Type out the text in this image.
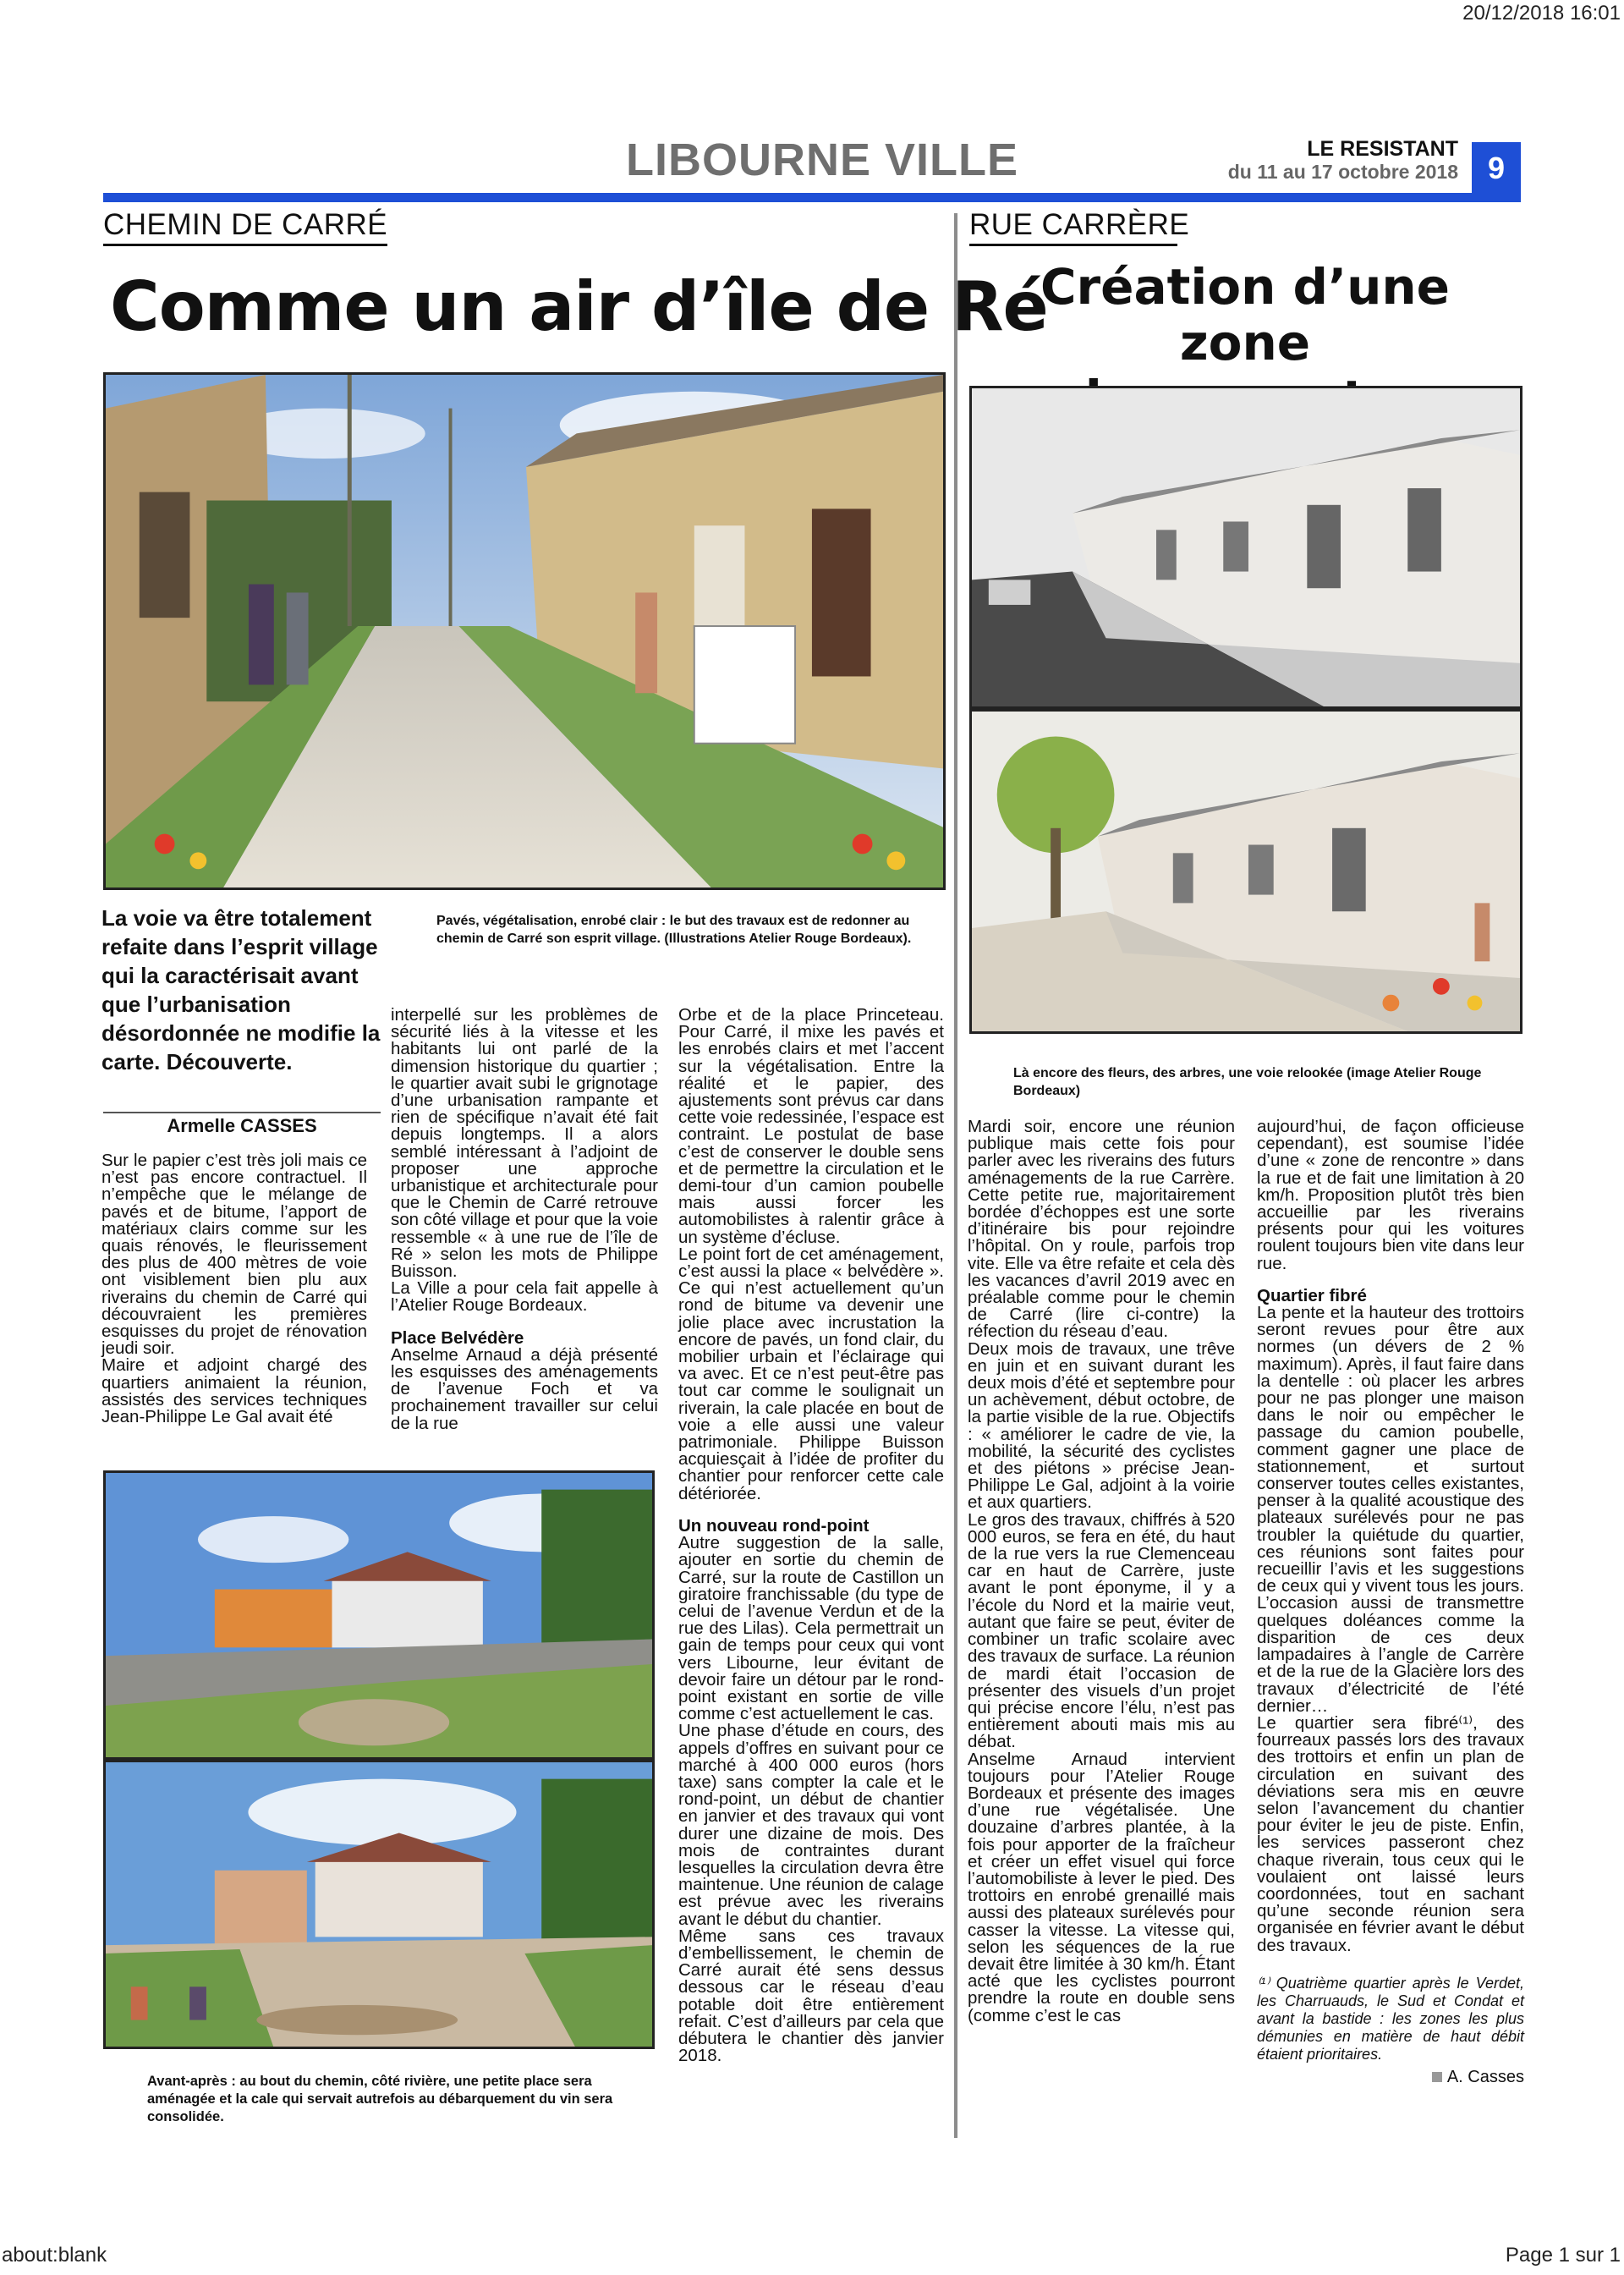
20/12/2018 16:01
about:blank	Page 1 sur 1
LIBOURNE VILLE	LE RESISTANT
du 11 au 17 octobre 2018 9
CHEMIN DE CARRÉ
Comme un air d’île de Ré
La voie va être totalement refaite dans l’esprit village qui la caractérisait avant que l’urbanisation désordonnée ne modifie la carte. Découverte.
Pavés, végétalisation, enrobé clair : le but des travaux est de redonner au chemin de Carré son esprit village. (Illustrations Atelier Rouge Bordeaux).
Armelle CASSES

Sur le papier c’est très joli mais ce n’est pas encore contractuel. Il n’empêche que le mélange de pavés et de bitume, l’apport de matériaux clairs comme sur les quais rénovés, le fleurissement des plus de 400 mètres de voie ont visiblement bien plu aux riverains du chemin de Carré qui découvraient les premières esquisses du projet de rénovation jeudi soir.

Maire et adjoint chargé des quartiers animaient la réunion, assistés des services techniques Jean-Philippe Le Gal avait été

interpellé sur les problèmes de sécurité liés à la vitesse et les habitants lui ont parlé de la dimension historique du quartier ; le quartier avait subi le grignotage d’une urbanisation rampante et rien de spécifique n’avait été fait depuis longtemps. Il a alors semblé intéressant à l’adjoint de proposer une approche urbanistique et architecturale pour que le Chemin de Carré retrouve son côté village et pour que la voie ressemble « à une rue de l’île de Ré » selon les mots de Philippe Buisson.

La Ville a pour cela fait appelle à l’Atelier Rouge Bordeaux.

Place Belvédère

Anselme Arnaud a déjà présenté les esquisses des aménagements de l’avenue Foch et va prochainement travailler sur celui de la rue

Orbe et de la place Princeteau. Pour Carré, il mixe les pavés et les enrobés clairs et met l’accent sur la végétalisation. Entre la réalité et le papier, des ajustements sont prévus car dans cette voie redessinée, l’espace est contraint. Le postulat de base c’est de conserver le double sens et de permettre la circulation et le demi-tour d’un camion poubelle mais aussi forcer les automobilistes à ralentir grâce à un système d’écluse.

Le point fort de cet aménagement, c’est aussi la place « belvédère ». Ce qui n’est actuellement qu’un rond de bitume va devenir une jolie place avec incrustation la encore de pavés, un fond clair, du mobilier urbain et l’éclairage qui va avec. Et ce n’est peut-être pas tout car comme le soulignait un riverain, la cale placée en bout de voie a elle aussi une valeur patrimoniale. Philippe Buisson acquiesçait à l’idée de profiter du chantier pour renforcer cette cale détériorée.

Un nouveau rond-point

Autre suggestion de la salle, ajouter en sortie du chemin de Carré, sur la route de Castillon un giratoire franchissable (du type de celui de l’avenue Verdun et de la rue des Lilas). Cela permettrait un gain de temps pour ceux qui vont vers Libourne, leur évitant de devoir faire un détour par le rond-point existant en sortie de ville comme c’est actuellement le cas.

Une phase d’étude en cours, des appels d’offres en suivant pour ce marché à 400 000 euros (hors taxe) sans compter la cale et le rond-point, un début de chantier en janvier et des travaux qui vont durer une dizaine de mois. Des mois de contraintes durant lesquelles la circulation devra être maintenue. Une réunion de calage est prévue avec les riverains avant le début du chantier.

Même sans ces travaux d’embellissement, le chemin de Carré aurait été sens dessus dessous car le réseau d’eau potable doit être entièrement refait. C’est d’ailleurs par cela que débutera le chantier dès janvier 2018.

Avant-après : au bout du chemin, côté rivière, une petite place sera aménagée et la cale qui servait autrefois au débarquement du vin sera consolidée.
RUE CARRÈRE
Création d’une zone
Là encore des fleurs, des arbres, une voie relookée (image Atelier Rouge Bordeaux)

Mardi soir, encore une réunion publique mais cette fois pour parler avec les riverains des futurs aménagements de la rue Carrère. Cette petite rue, majoritairement bordée d’échoppes est une sorte d’itinéraire bis pour rejoindre l’hôpital. On y roule, parfois trop vite. Elle va être refaite et cela dès les vacances d’avril 2019 avec en préalable comme pour le chemin de Carré (lire ci-contre) la réfection du réseau d’eau.

Deux mois de travaux, une trêve en juin et en suivant durant les deux mois d’été et septembre pour un achèvement, début octobre, de la partie visible de la rue. Objectifs : « améliorer le cadre de vie, la mobilité, la sécurité des cyclistes et des piétons » précise Jean-Philippe Le Gal, adjoint à la voirie et aux quartiers.

Le gros des travaux, chiffrés à 520 000 euros, se fera en été, du haut de la rue vers la rue Clemenceau car en haut de Carrère, juste avant le pont éponyme, il y a l’école du Nord et la mairie veut, autant que faire se peut, éviter de combiner un trafic scolaire avec des travaux de surface. La réunion de mardi était l’occasion de présenter des visuels d’un projet qui précise encore l’élu, n’est pas entièrement abouti mais mis au débat.

Anselme Arnaud intervient toujours pour l’Atelier Rouge Bordeaux et présente des images d’une rue végétalisée. Une douzaine d’arbres plantée, à la fois pour apporter de la fraîcheur et créer un effet visuel qui force l’automobiliste à lever le pied. Des trottoirs en enrobé grenaillé mais aussi des plateaux surélevés pour casser la vitesse. La vitesse qui, selon les séquences de la rue devait être limitée à 30 km/h. Étant acté que les cyclistes pourront prendre la route en double sens (comme c’est le cas

aujourd’hui, de façon officieuse cependant), est soumise l’idée d’une « zone de rencontre » dans la rue et de fait une limitation à 20 km/h. Proposition plutôt très bien accueillie par les riverains présents pour qui les voitures roulent toujours bien vite dans leur rue.

Quartier fibré

La pente et la hauteur des trottoirs seront revues pour être aux normes (un dévers de 2 % maximum). Après, il faut faire dans la dentelle : où placer les arbres pour ne pas plonger une maison dans le noir ou empêcher le passage du camion poubelle, comment gagner une place de stationnement, et surtout conserver toutes celles existantes, penser à la qualité acoustique des plateaux surélevés pour ne pas troubler la quiétude du quartier, ces réunions sont faites pour recueillir l’avis et les suggestions de ceux qui y vivent tous les jours. L’occasion aussi de transmettre quelques doléances comme la disparition de ces deux lampadaires à l’angle de Carrère et de la rue de la Glacière lors des travaux d’électricité de l’été dernier…

Le quartier sera fibré⁽¹⁾, des fourreaux passés lors des travaux des trottoirs et enfin un plan de circulation en suivant des déviations sera mis en œuvre selon l’avancement du chantier pour éviter le jeu de piste. Enfin, les services passeront chez chaque riverain, tous ceux qui le voulaient ont laissé leurs coordonnées, tout en sachant qu’une seconde réunion sera organisée en février avant le début des travaux.

⁽¹⁾ Quatrième quartier après le Verdet, les Charruauds, le Sud et Condat et avant la bastide : les zones les plus démunies en matière de haut débit étaient prioritaires.

A. Casses
